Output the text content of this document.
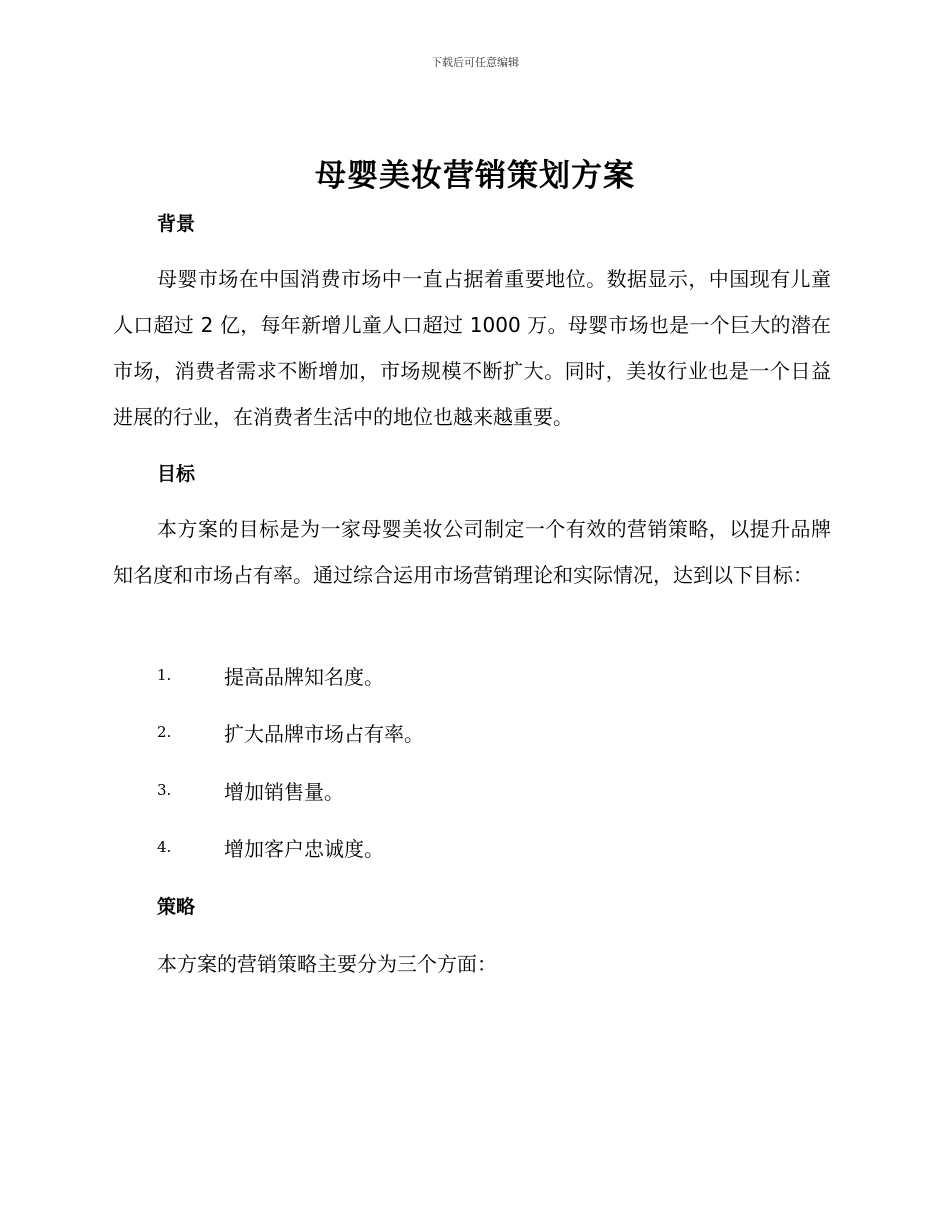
下载后可任意编辑
母婴美妆营销策划方案
背景

母婴市场在中国消费市场中一直占据着重要地位。数据显示，中国现有儿童人口超过 2 亿，每年新增儿童人口超过 1000 万。母婴市场也是一个巨大的潜在市场，消费者需求不断增加，市场规模不断扩大。同时，美妆行业也是一个日益进展的行业，在消费者生活中的地位也越来越重要。

目标

本方案的目标是为一家母婴美妆公司制定一个有效的营销策略，以提升品牌知名度和市场占有率。通过综合运用市场营销理论和实际情况，达到以下目标：

1.	提高品牌知名度。
2.	扩大品牌市场占有率。
3.	增加销售量。
4.	增加客户忠诚度。
策略

本方案的营销策略主要分为三个方面：
